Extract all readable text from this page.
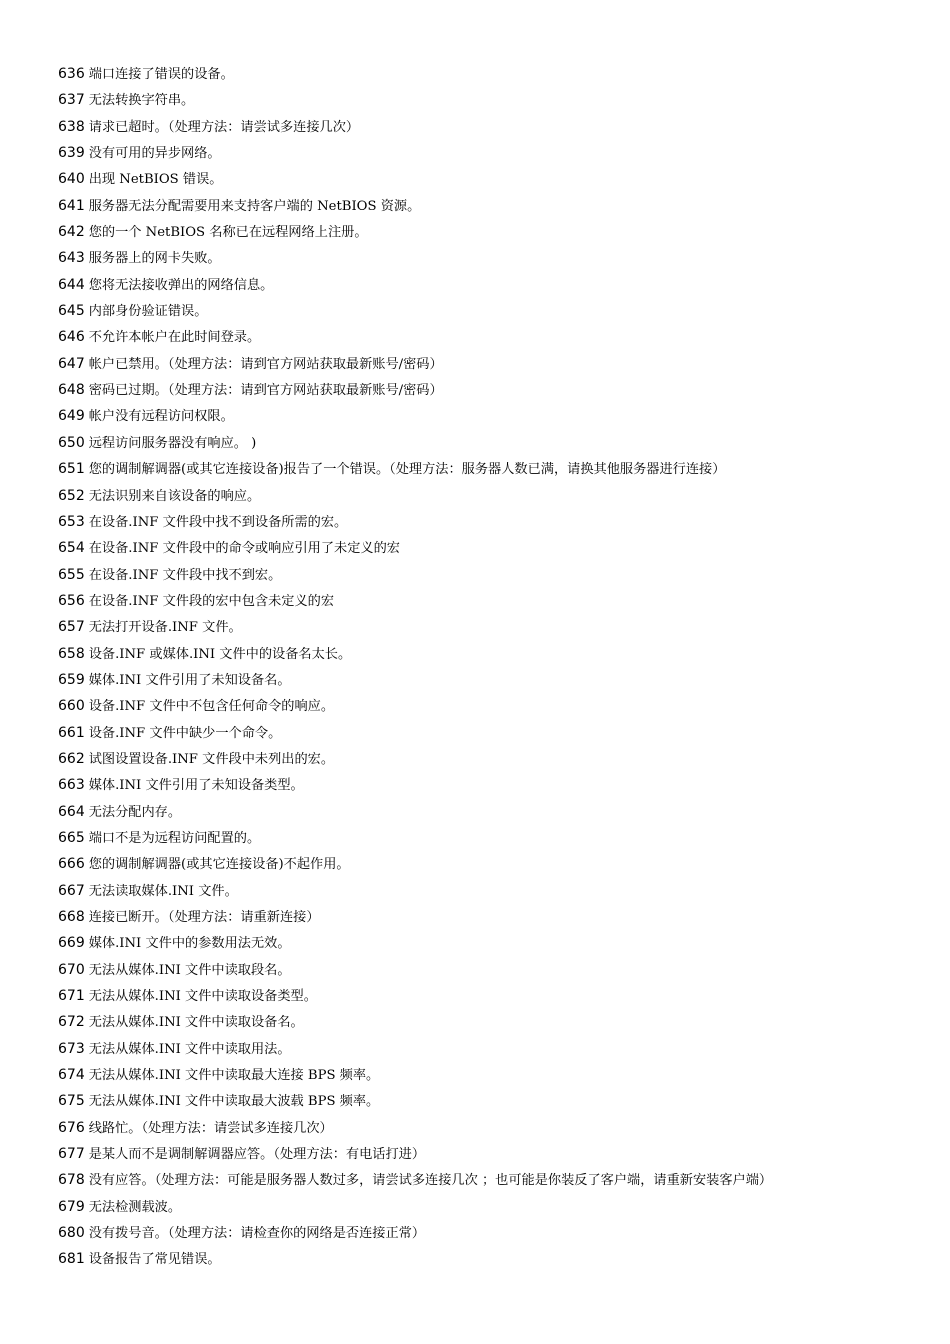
636 端口连接了错误的设备。
637 无法转换字符串。
638 请求已超时。（处理方法：请尝试多连接几次）
639 没有可用的异步网络。
640 出现 NetBIOS 错误。
641 服务器无法分配需要用来支持客户端的 NetBIOS 资源。
642 您的一个 NetBIOS 名称已在远程网络上注册。
643 服务器上的网卡失败。
644 您将无法接收弹出的网络信息。
645 内部身份验证错误。
646 不允许本帐户在此时间登录。
647 帐户已禁用。（处理方法：请到官方网站获取最新账号/密码）
648 密码已过期。（处理方法：请到官方网站获取最新账号/密码）
649 帐户没有远程访问权限。
650 远程访问服务器没有响应。 )
651 您的调制解调器(或其它连接设备)报告了一个错误。（处理方法：服务器人数已满，请换其他服务器进行连接）
652 无法识别来自该设备的响应。
653 在设备.INF 文件段中找不到设备所需的宏。
654 在设备.INF 文件段中的命令或响应引用了未定义的宏
655 在设备.INF 文件段中找不到宏。
656 在设备.INF 文件段的宏中包含未定义的宏
657 无法打开设备.INF 文件。
658 设备.INF 或媒体.INI 文件中的设备名太长。
659 媒体.INI 文件引用了未知设备名。
660 设备.INF 文件中不包含任何命令的响应。
661 设备.INF 文件中缺少一个命令。
662 试图设置设备.INF 文件段中未列出的宏。
663 媒体.INI 文件引用了未知设备类型。
664 无法分配内存。
665 端口不是为远程访问配置的。
666 您的调制解调器(或其它连接设备)不起作用。
667 无法读取媒体.INI 文件。
668 连接已断开。（处理方法：请重新连接）
669 媒体.INI 文件中的参数用法无效。
670 无法从媒体.INI 文件中读取段名。
671 无法从媒体.INI 文件中读取设备类型。
672 无法从媒体.INI 文件中读取设备名。
673 无法从媒体.INI 文件中读取用法。
674 无法从媒体.INI 文件中读取最大连接 BPS 频率。
675 无法从媒体.INI 文件中读取最大波载 BPS 频率。
676 线路忙。（处理方法：请尝试多连接几次）
677 是某人而不是调制解调器应答。（处理方法：有电话打进）
678 没有应答。（处理方法：可能是服务器人数过多，请尝试多连接几次 ；也可能是你装反了客户端，请重新安装客户端）
679 无法检测载波。
680 没有拨号音。（处理方法：请检查你的网络是否连接正常）
681 设备报告了常见错误。
